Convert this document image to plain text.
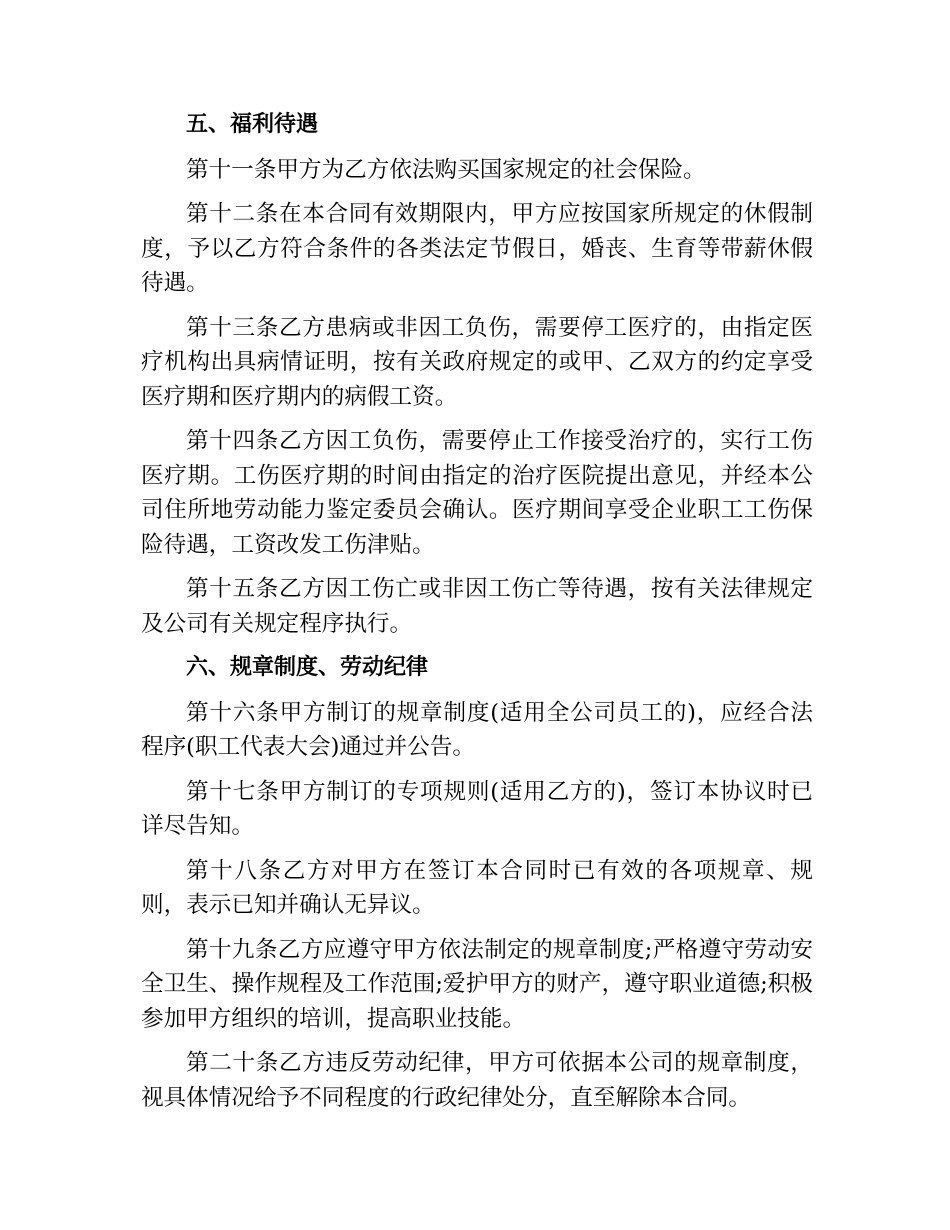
五、福利待遇

第十一条甲方为乙方依法购买国家规定的社会保险。

第十二条在本合同有效期限内，甲方应按国家所规定的休假制度，予以乙方符合条件的各类法定节假日，婚丧、生育等带薪休假待遇。

第十三条乙方患病或非因工负伤，需要停工医疗的，由指定医疗机构出具病情证明，按有关政府规定的或甲、乙双方的约定享受医疗期和医疗期内的病假工资。

第十四条乙方因工负伤，需要停止工作接受治疗的，实行工伤医疗期。工伤医疗期的时间由指定的治疗医院提出意见，并经本公司住所地劳动能力鉴定委员会确认。医疗期间享受企业职工工伤保险待遇，工资改发工伤津贴。

第十五条乙方因工伤亡或非因工伤亡等待遇，按有关法律规定及公司有关规定程序执行。

六、规章制度、劳动纪律

第十六条甲方制订的规章制度(适用全公司员工的)，应经合法程序(职工代表大会)通过并公告。

第十七条甲方制订的专项规则(适用乙方的)，签订本协议时已详尽告知。

第十八条乙方对甲方在签订本合同时已有效的各项规章、规则，表示已知并确认无异议。

第十九条乙方应遵守甲方依法制定的规章制度;严格遵守劳动安全卫生、操作规程及工作范围;爱护甲方的财产，遵守职业道德;积极参加甲方组织的培训，提高职业技能。

第二十条乙方违反劳动纪律，甲方可依据本公司的规章制度，视具体情况给予不同程度的行政纪律处分，直至解除本合同。
